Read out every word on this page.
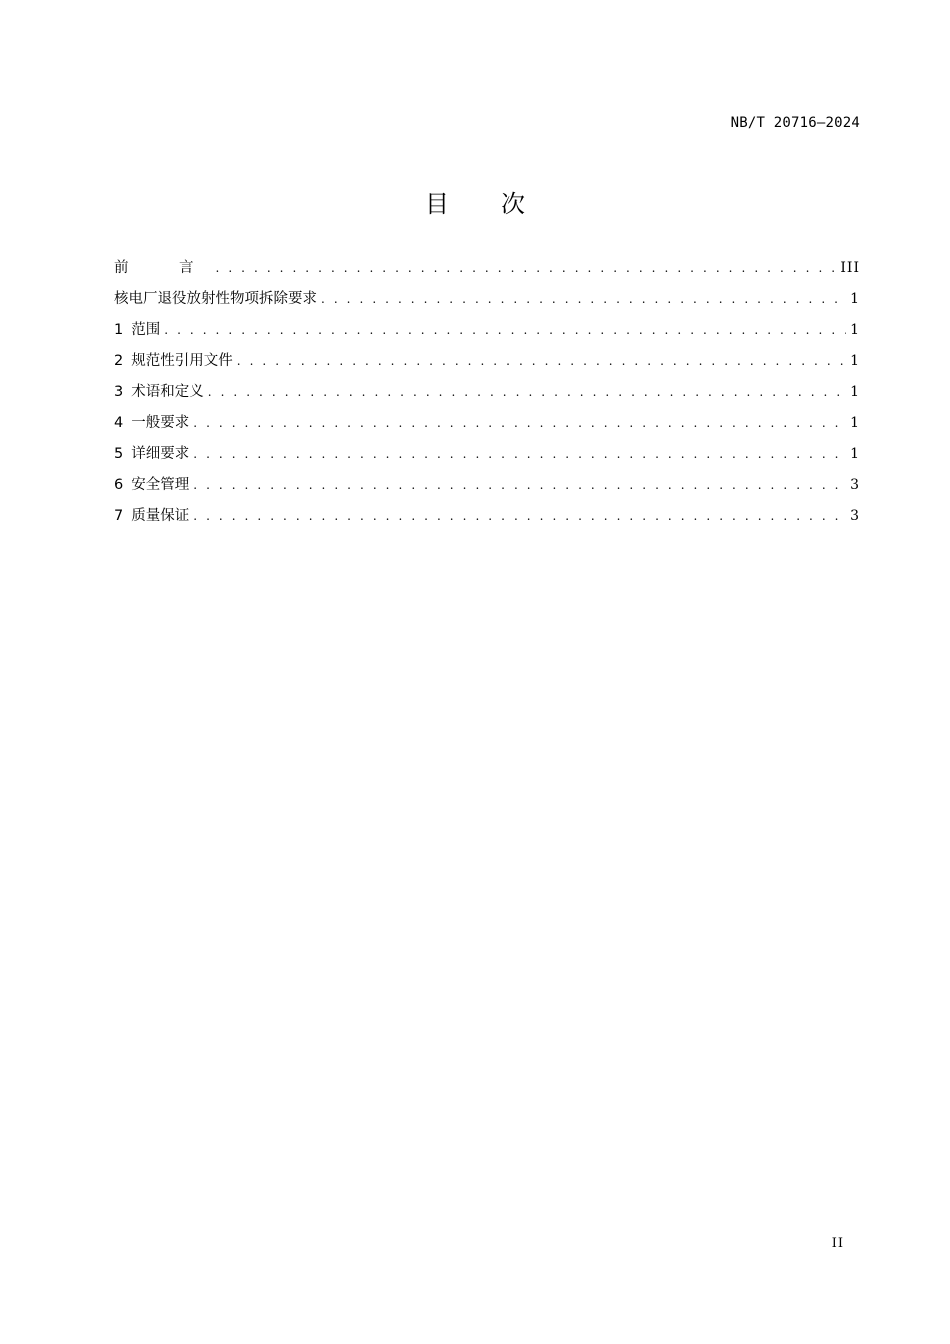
NB/T 20716—2024
目 次
前　言 . . .	III
核电厂退役放射性物项拆除要求 . . .	1
1 范围 . . .	1
2 规范性引用文件 . . .	1
3 术语和定义 . . .	1
4 一般要求 . . .	1
5 详细要求 . . .	1
6 安全管理 . . .	3
7 质量保证 . . .	3
II
